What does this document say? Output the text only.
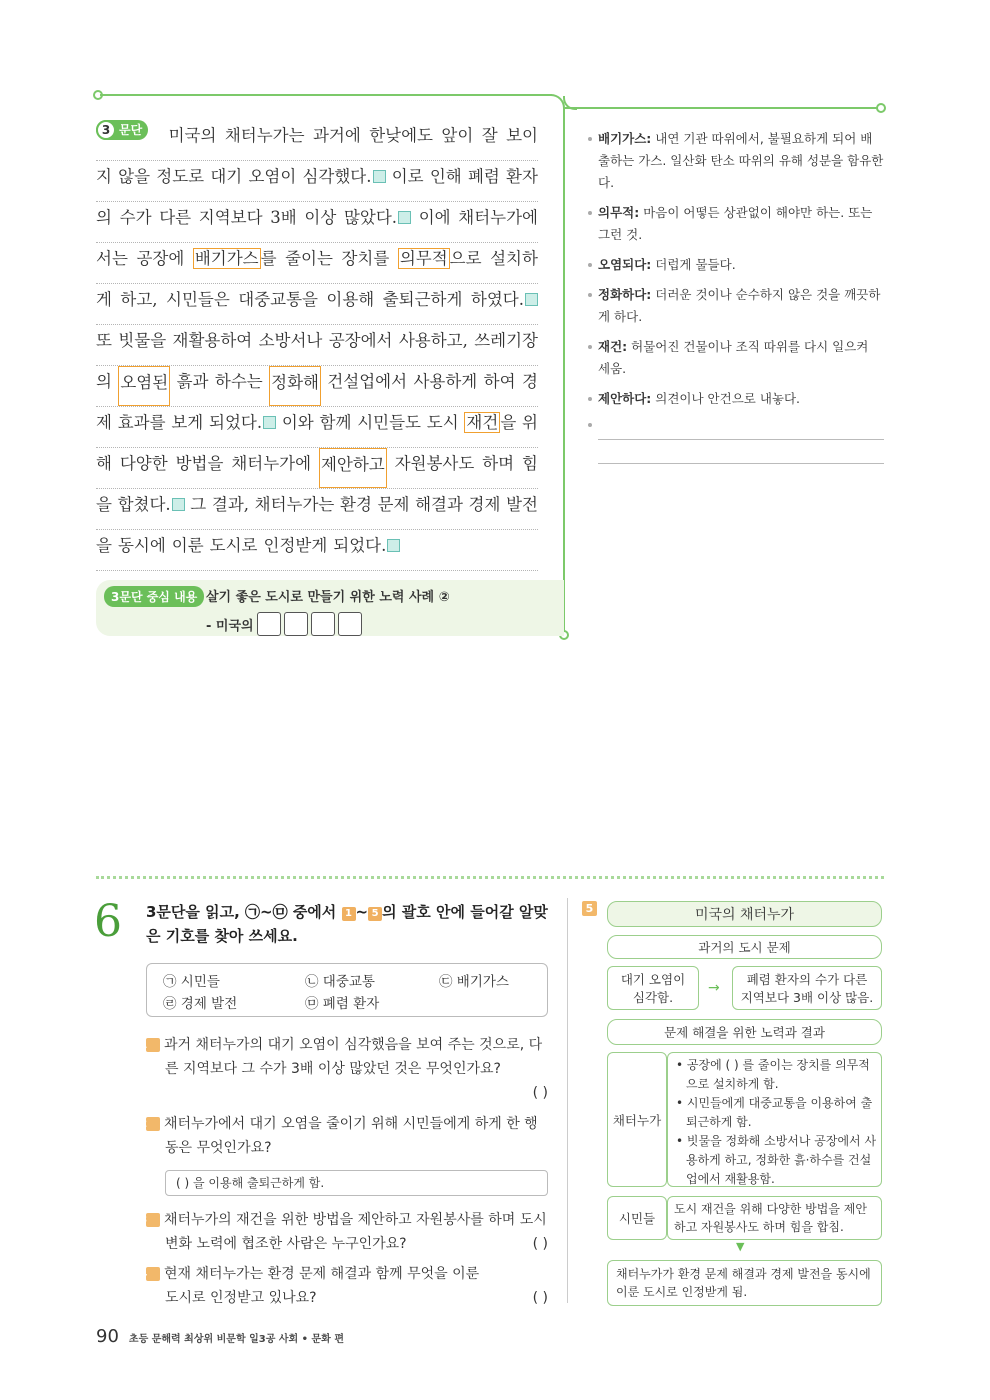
3 문단 미국의 채터누가는 과거에 한낮에도 앞이 잘 보이
지 않을 정도로 대기 오염이 심각했다.	이로 인해 폐렴 환자
의 수가 다른 지역보다 3배 이상 많았다.	이에 채터누가에
서는 공장에 배기가스 를 줄이는 장치를 의무적 으로 설치하
게 하고, 시민들은 대중교통을 이용해 출퇴근하게 하였다.
또 빗물을 재활용하여 소방서나 공장에서 사용하고, 쓰레기장
의 오염된 흙과 하수는 정화해 건설업에서 사용하게 하여 경
제 효과를 보게 되었다.	이와 함께 시민들도 도시 재건 을 위
해 다양한 방법을 채터누가에 제안하고 자원봉사도 하며 힘
을 합쳤다.	그 결과, 채터누가는 환경 문제 해결과 경제 발전
을 동시에 이룬 도시로 인정받게 되었다.
3문단 중심 내용 살기 좋은 도시로 만들기 위한 노력 사례 ②
- 미국의
배기가스: 내연 기관 따위에서, 불필요하게 되어 배출하는 가스. 일산화 탄소 따위의 유해 성분을 함유한다.
의무적: 마음이 어떻든 상관없이 해야만 하는. 또는 그런 것.
오염되다: 더럽게 물들다.
정화하다: 더러운 것이나 순수하지 않은 것을 깨끗하게 하다.
재건: 허물어진 건물이나 조직 따위를 다시 일으켜 세움.
제안하다: 의견이나 안건으로 내놓다.
6 3문단을 읽고, ㉠~㉤ 중에서 1 ~ 5 의 괄호 안에 들어갈 알맞은 기호를 찾아 쓰세요.
㉠ 시민들	㉡ 대중교통	㉢ 배기가스
㉣ 경제 발전	㉤ 폐렴 환자
1 과거 채터누가의 대기 오염이 심각했음을 보여 주는 것으로, 다른 지역보다 그 수가 3배 이상 많았던 것은 무엇인가요?
( )
2 채터누가에서 대기 오염을 줄이기 위해 시민들에게 하게 한 행동은 무엇인가요?
( ) 을 이용해 출퇴근하게 함.
3 채터누가의 재건을 위한 방법을 제안하고 자원봉사를 하며 도시 변화 노력에 협조한 사람은 누구인가요?	( )
4 현재 채터누가는 환경 문제 해결과 함께 무엇을 이룬 도시로 인정받고 있나요?	( )
5	미국의 채터누가
과거의 도시 문제
대기 오염이 심각함.
→
폐렴 환자의 수가 다른 지역보다 3배 이상 많음.
문제 해결을 위한 노력과 결과
채터누가
• 공장에 ( ) 를 줄이는 장치를 의무적으로 설치하게 함.
• 시민들에게 대중교통을 이용하여 출퇴근하게 함.
• 빗물을 정화해 소방서나 공장에서 사용하게 하고, 정화한 흙·하수를 건설업에서 재활용함.
시민들
도시 재건을 위해 다양한 방법을 제안하고 자원봉사도 하며 힘을 합침.
▼
채터누가가 환경 문제 해결과 경제 발전을 동시에 이룬 도시로 인정받게 됨.
90 초등 문해력 최상위 비문학 일3공 사회 • 문화 편
